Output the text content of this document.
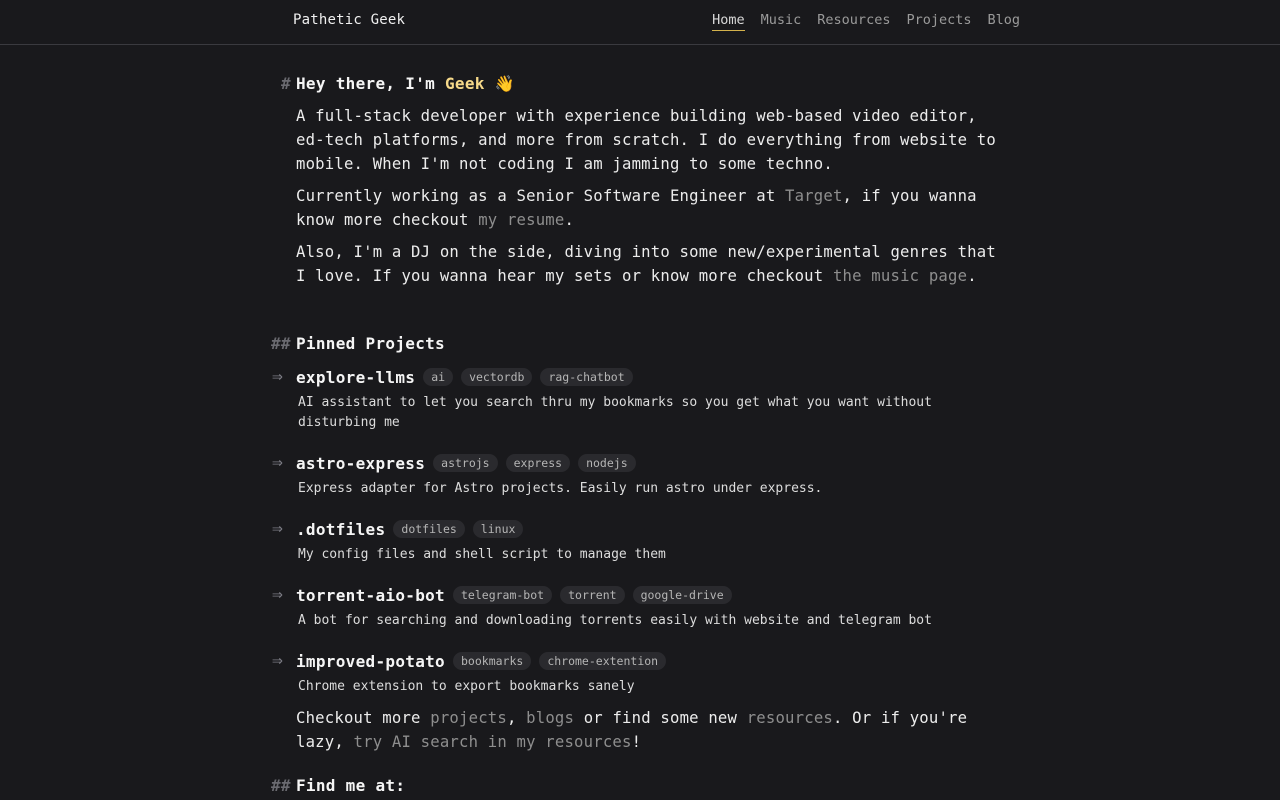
Pathetic Geek	Home Music Resources Projects Blog
# Hey there, I'm Geek 👋

A full-stack developer with experience building web-based video editor, ed-tech platforms, and more from scratch. I do everything from website to mobile. When I'm not coding I am jamming to some techno.

Currently working as a Senior Software Engineer at Target, if you wanna know more checkout my resume.

Also, I'm a DJ on the side, diving into some new/experimental genres that I love. If you wanna hear my sets or know more checkout the music page.

## Pinned Projects
⇒ explore-llms	ai	vectordb	rag-chatbot
AI assistant to let you search thru my bookmarks so you get what you want without disturbing me
⇒ astro-express	astrojs	express	nodejs
Express adapter for Astro projects. Easily run astro under express.
⇒ .dotfiles	dotfiles	linux
My config files and shell script to manage them
⇒ torrent-aio-bot	telegram-bot	torrent	google-drive
A bot for searching and downloading torrents easily with website and telegram bot
⇒ improved-potato	bookmarks	chrome-extention
Chrome extension to export bookmarks sanely

Checkout more projects, blogs or find some new resources. Or if you're lazy, try AI search in my resources!

## Find me at:
